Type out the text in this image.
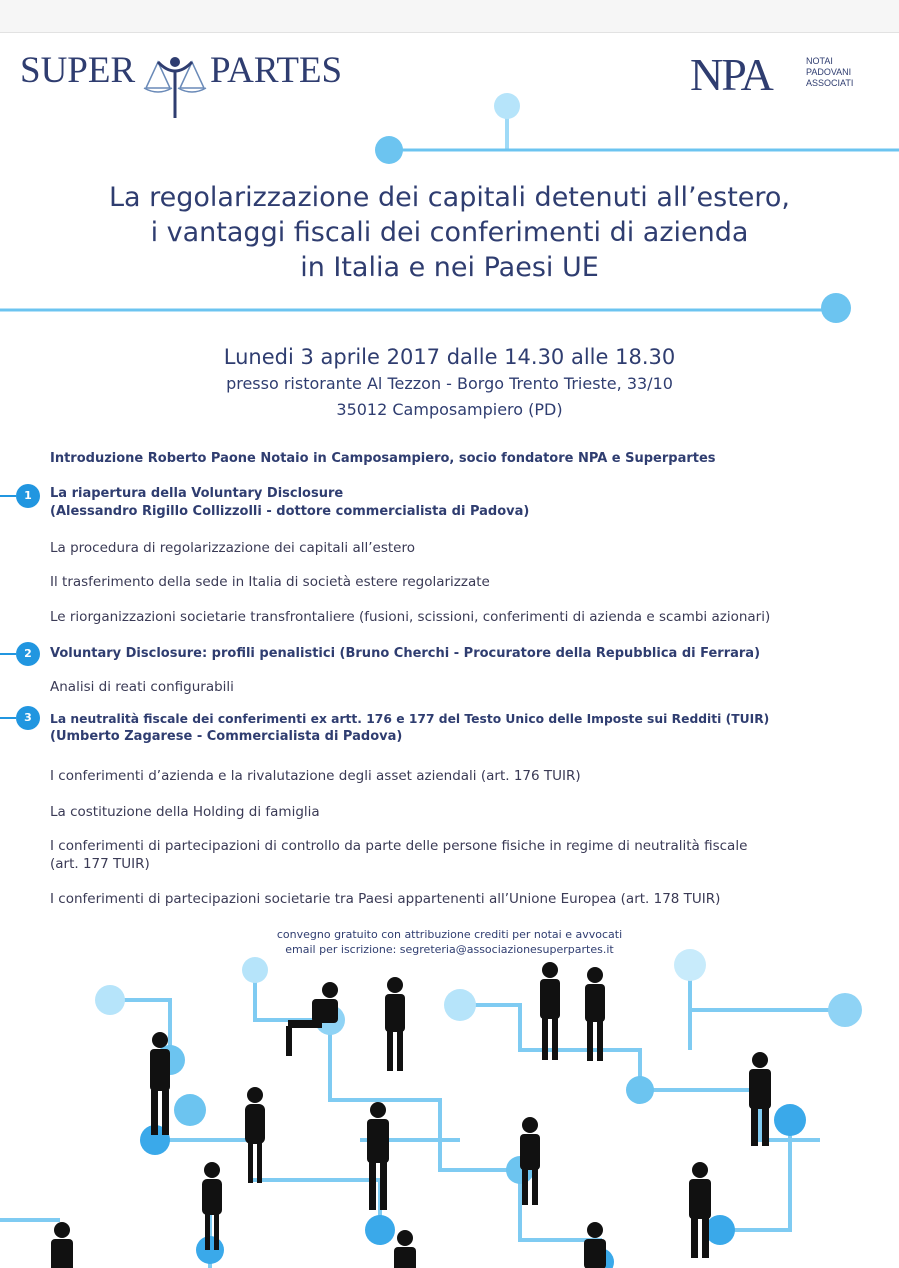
SUPER PARTES	NPA	NOTAI
PADOVANI
ASSOCIATI
La regolarizzazione dei capitali detenuti all’estero,
i vantaggi fiscali dei conferimenti di azienda
in Italia e nei Paesi UE
Lunedi 3 aprile 2017 dalle 14.30 alle 18.30
presso ristorante Al Tezzon - Borgo Trento Trieste, 33/10
35012 Camposampiero (PD)
Introduzione Roberto Paone Notaio in Camposampiero, socio fondatore NPA e Superpartes
1	La riapertura della Voluntary Disclosure
(Alessandro Rigillo Collizzolli - dottore commercialista di Padova)
La procedura di regolarizzazione dei capitali all’estero
Il trasferimento della sede in Italia di società estere regolarizzate
Le riorganizzazioni societarie transfrontaliere (fusioni, scissioni, conferimenti di azienda e scambi azionari)
2	Voluntary Disclosure: profili penalistici (Bruno Cherchi - Procuratore della Repubblica di Ferrara)
Analisi di reati configurabili
3	La neutralità fiscale dei conferimenti ex artt. 176 e 177 del Testo Unico delle Imposte sui Redditi (TUIR)
(Umberto Zagarese - Commercialista di Padova)
I conferimenti d’azienda e la rivalutazione degli asset aziendali (art. 176 TUIR)
La costituzione della Holding di famiglia
I conferimenti di partecipazioni di controllo da parte delle persone fisiche in regime di neutralità fiscale
(art. 177 TUIR)
I conferimenti di partecipazioni societarie tra Paesi appartenenti all’Unione Europea (art. 178 TUIR)
convegno gratuito con attribuzione crediti per notai e avvocati
email per iscrizione: segreteria@associazionesuperpartes.it
